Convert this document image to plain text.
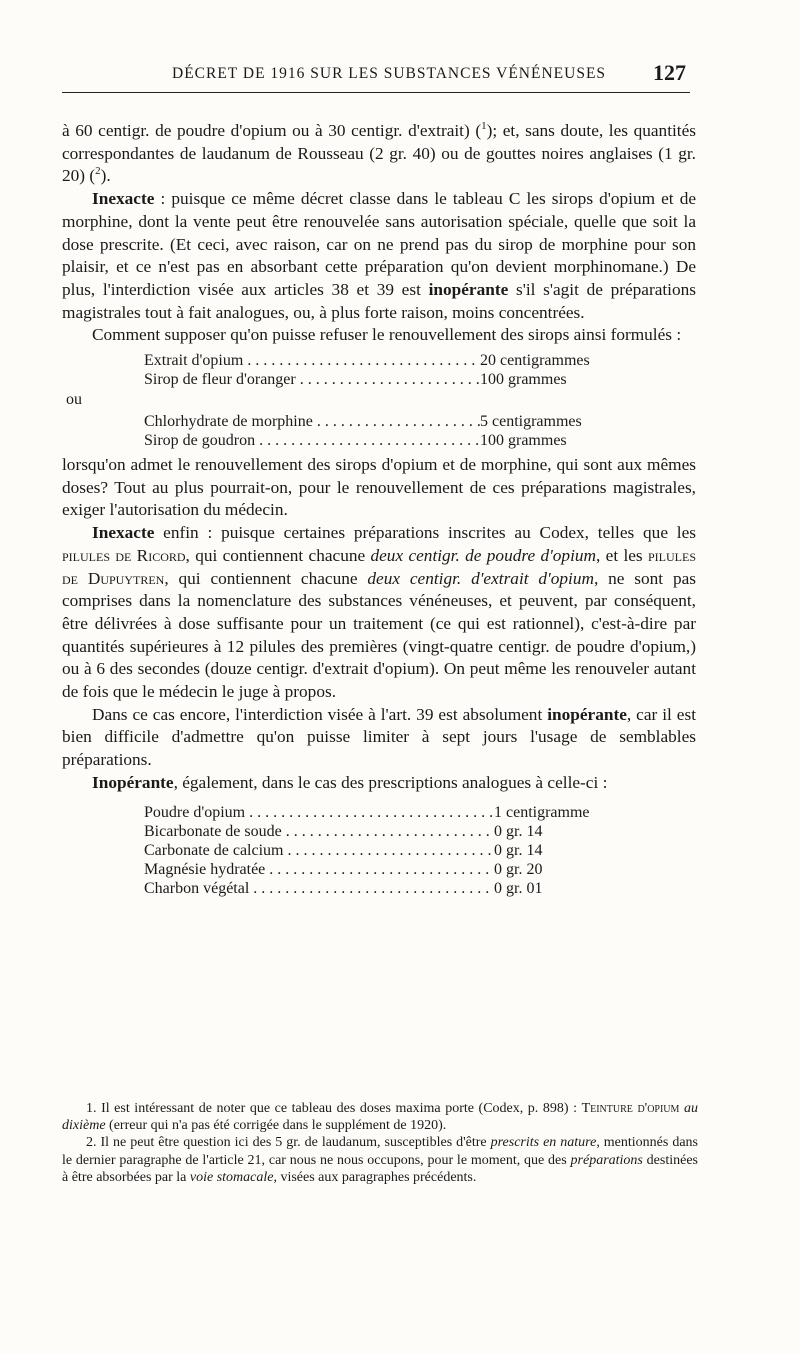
DÉCRET DE 1916 SUR LES SUBSTANCES VÉNÉNEUSES 127

à 60 centigr. de poudre d'opium ou à 30 centigr. d'extrait) ($^1$); et, sans doute, les quantités correspondantes de laudanum de Rousseau (2 gr. 40) ou de gouttes noires anglaises (1 gr. 20) ($^2$).

Inexacte : puisque ce même décret classe dans le tableau C les sirops d'opium et de morphine, dont la vente peut être renouvelée sans autorisation spéciale, quelle que soit la dose prescrite. (Et ceci, avec raison, car on ne prend pas du sirop de morphine pour son plaisir, et ce n'est pas en absorbant cette préparation qu'on devient morphinomane.) De plus, l'interdiction visée aux articles 38 et 39 est inopérante s'il s'agit de préparations magistrales tout à fait analogues, ou, à plus forte raison, moins concentrées.

Comment supposer qu'on puisse refuser le renouvellement des sirops ainsi formulés :

Extrait d'opium . . .	20 centigrammes
Sirop de fleur d'oranger . . .	100 grammes
ou
Chlorhydrate de morphine . . .	5 centigrammes
Sirop de goudron . . .	100 grammes

lorsqu'on admet le renouvellement des sirops d'opium et de morphine, qui sont aux mêmes doses? Tout au plus pourrait-on, pour le renouvellement de ces préparations magistrales, exiger l'autorisation du médecin.

Inexacte enfin : puisque certaines préparations inscrites au Codex, telles que les pilules de Ricord, qui contiennent chacune deux centigr. de poudre d'opium, et les pilules de Dupuytren, qui contiennent chacune deux centigr. d'extrait d'opium, ne sont pas comprises dans la nomenclature des substances vénéneuses, et peuvent, par conséquent, être délivrées à dose suffisante pour un traitement (ce qui est rationnel), c'est-à-dire par quantités supérieures à 12 pilules des premières (vingt-quatre centigr. de poudre d'opium,) ou à 6 des secondes (douze centigr. d'extrait d'opium). On peut même les renouveler autant de fois que le médecin le juge à propos.

Dans ce cas encore, l'interdiction visée à l'art. 39 est absolument inopérante, car il est bien difficile d'admettre qu'on puisse limiter à sept jours l'usage de semblables préparations.

Inopérante, également, dans le cas des prescriptions analogues à celle-ci :

Poudre d'opium . . .	1 centigramme
Bicarbonate de soude . . .	0 gr. 14
Carbonate de calcium . . .	0 gr. 14
Magnésie hydratée . . .	0 gr. 20
Charbon végétal . . .	0 gr. 01

1. Il est intéressant de noter que ce tableau des doses maxima porte (Codex, p. 898) : Teinture d'opium au dixième (erreur qui n'a pas été corrigée dans le supplément de 1920).

2. Il ne peut être question ici des 5 gr. de laudanum, susceptibles d'être prescrits en nature, mentionnés dans le dernier paragraphe de l'article 21, car nous ne nous occupons, pour le moment, que des préparations destinées à être absorbées par la voie stomacale, visées aux paragraphes précédents.
